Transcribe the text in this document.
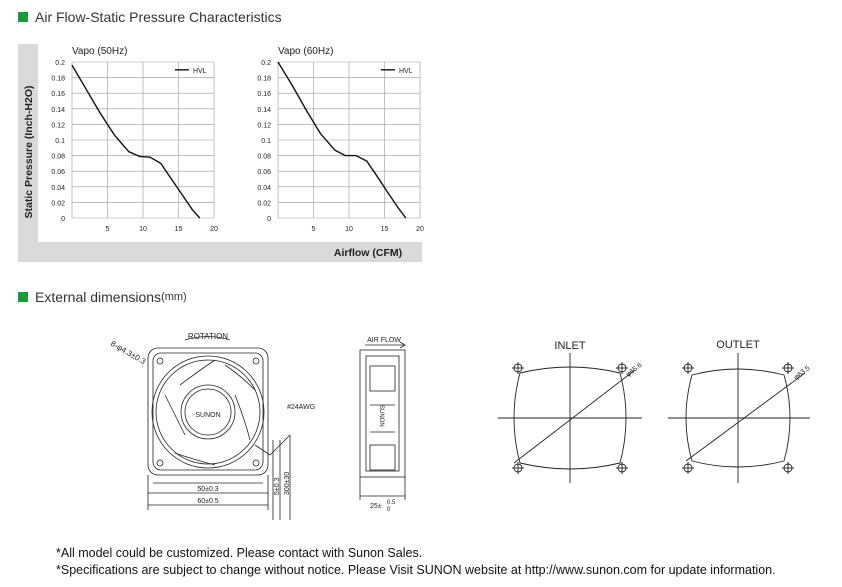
Air Flow-Static Pressure Characteristics
Static Pressure (Inch-H2O)
Airflow (CFM)
0.2
0.18
0.16
0.14
0.12
0.1
0.08
0.06
0.04
0.02
0
5	10	15	20
Vapo (50Hz)
HVL
0.2
0.18
0.16
0.14
0.12
0.1
0.08
0.06
0.04
0.02
0
5	10	15	20
Vapo (60Hz)
HVL
External dimensions (mm)
8-φ4.3±0.3
ROTATION
SUNON
#24AWG
50±0.3
60±0.5
5±0.3 300±30
AIR FLOW
SUNON
25± 0.5
0
INLET
φ65.6
OUTLET
φ63.5
*All model could be customized. Please contact with Sunon Sales.
*Specifications are subject to change without notice. Please Visit SUNON website at http://www.sunon.com for update information.
